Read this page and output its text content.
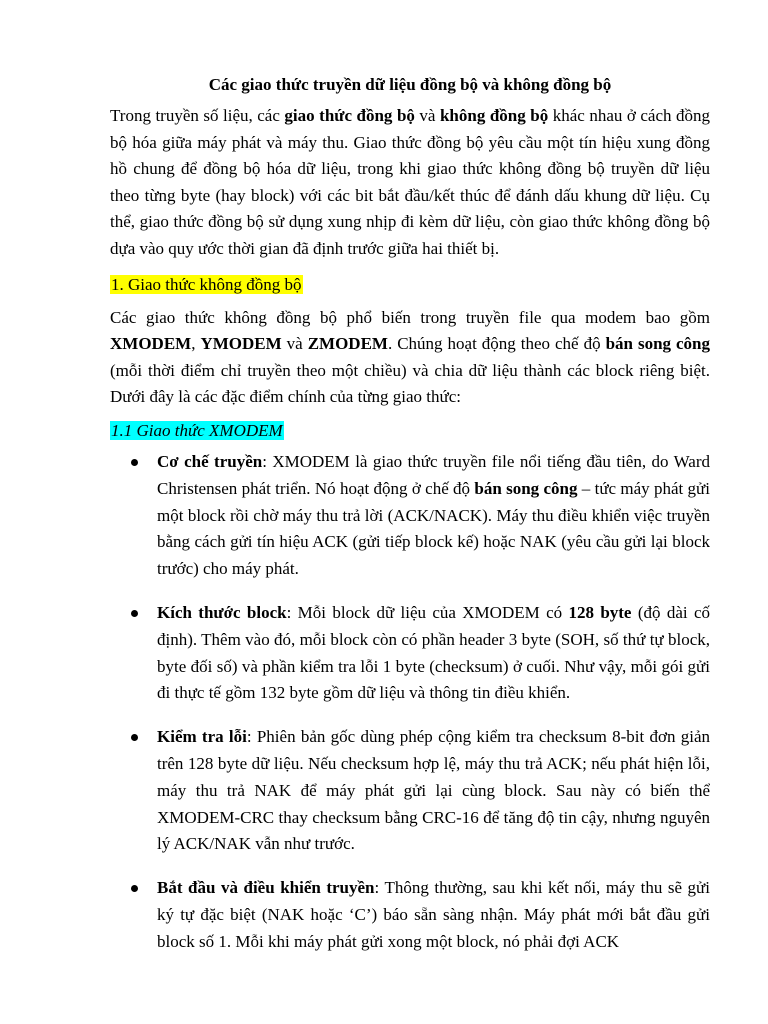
Các giao thức truyền dữ liệu đồng bộ và không đồng bộ

Trong truyền số liệu, các giao thức đồng bộ và không đồng bộ khác nhau ở cách đồng bộ hóa giữa máy phát và máy thu. Giao thức đồng bộ yêu cầu một tín hiệu xung đồng hồ chung để đồng bộ hóa dữ liệu, trong khi giao thức không đồng bộ truyền dữ liệu theo từng byte (hay block) với các bit bắt đầu/kết thúc để đánh dấu khung dữ liệu. Cụ thể, giao thức đồng bộ sử dụng xung nhịp đi kèm dữ liệu, còn giao thức không đồng bộ dựa vào quy ước thời gian đã định trước giữa hai thiết bị.

1. Giao thức không đồng bộ

Các giao thức không đồng bộ phổ biến trong truyền file qua modem bao gồm XMODEM, YMODEM và ZMODEM. Chúng hoạt động theo chế độ bán song công (mỗi thời điểm chỉ truyền theo một chiều) và chia dữ liệu thành các block riêng biệt. Dưới đây là các đặc điểm chính của từng giao thức:

1.1 Giao thức XMODEM
Cơ chế truyền: XMODEM là giao thức truyền file nổi tiếng đầu tiên, do Ward Christensen phát triển. Nó hoạt động ở chế độ bán song công – tức máy phát gửi một block rồi chờ máy thu trả lời (ACK/NACK). Máy thu điều khiển việc truyền bằng cách gửi tín hiệu ACK (gửi tiếp block kế) hoặc NAK (yêu cầu gửi lại block trước) cho máy phát.
Kích thước block: Mỗi block dữ liệu của XMODEM có 128 byte (độ dài cố định). Thêm vào đó, mỗi block còn có phần header 3 byte (SOH, số thứ tự block, byte đối số) và phần kiểm tra lỗi 1 byte (checksum) ở cuối. Như vậy, mỗi gói gửi đi thực tế gồm 132 byte gồm dữ liệu và thông tin điều khiển.
Kiểm tra lỗi: Phiên bản gốc dùng phép cộng kiểm tra checksum 8-bit đơn giản trên 128 byte dữ liệu. Nếu checksum hợp lệ, máy thu trả ACK; nếu phát hiện lỗi, máy thu trả NAK để máy phát gửi lại cùng block. Sau này có biến thể XMODEM-CRC thay checksum bằng CRC-16 để tăng độ tin cậy, nhưng nguyên lý ACK/NAK vẫn như trước.
Bắt đầu và điều khiển truyền: Thông thường, sau khi kết nối, máy thu sẽ gửi ký tự đặc biệt (NAK hoặc ‘C’) báo sẵn sàng nhận. Máy phát mới bắt đầu gửi block số 1. Mỗi khi máy phát gửi xong một block, nó phải đợi ACK
